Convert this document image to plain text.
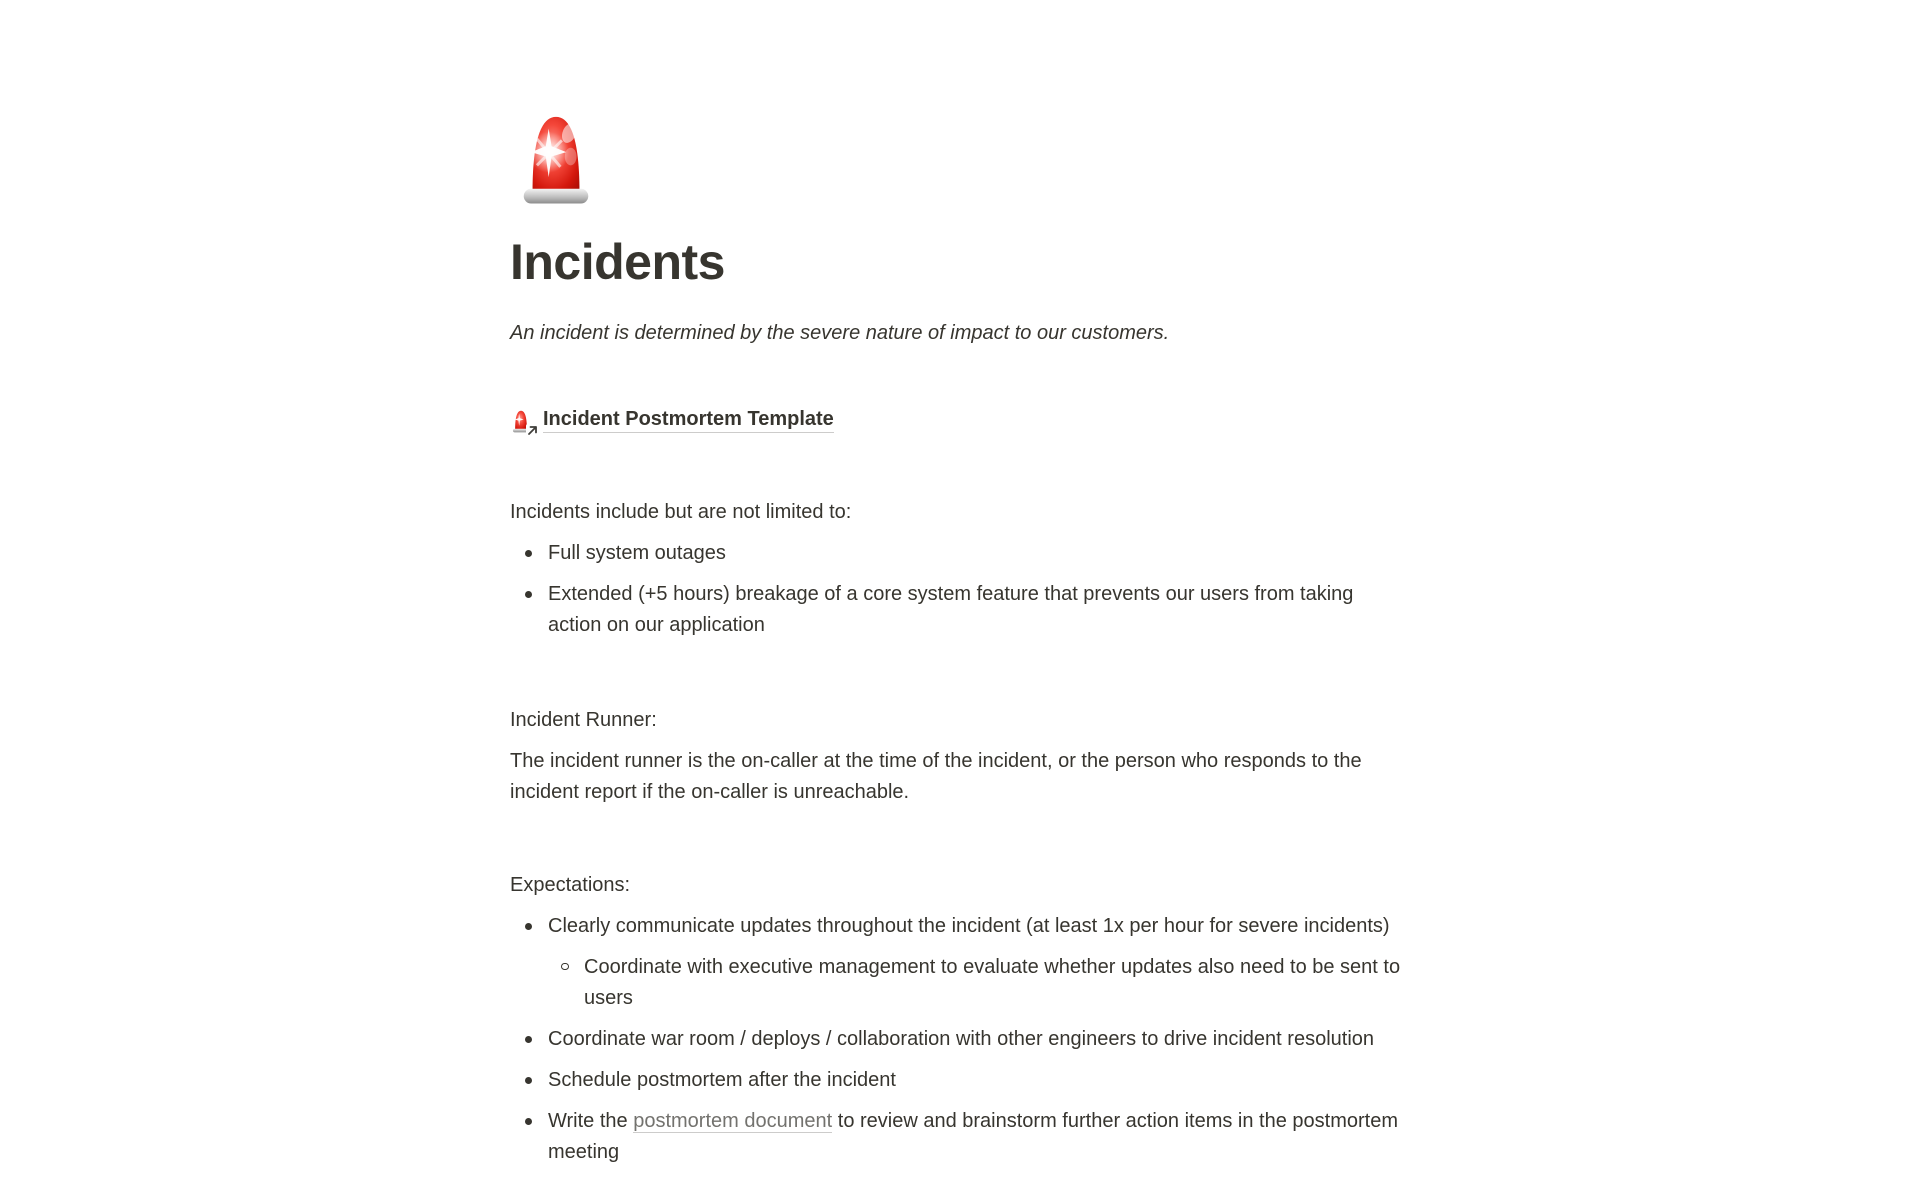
Incidents

An incident is determined by the severe nature of impact to our customers.

Incident Postmortem Template

Incidents include but are not limited to:

Full system outages
Extended (+5 hours) breakage of a core system feature that prevents our users from taking action on our application

Incident Runner:

The incident runner is the on-caller at the time of the incident, or the person who responds to the incident report if the on-caller is unreachable.

Expectations:

Clearly communicate updates throughout the incident (at least 1x per hour for severe incidents)
Coordinate with executive management to evaluate whether updates also need to be sent to users
Coordinate war room / deploys / collaboration with other engineers to drive incident resolution
Schedule postmortem after the incident
Write the postmortem document to review and brainstorm further action items in the postmortem meeting
